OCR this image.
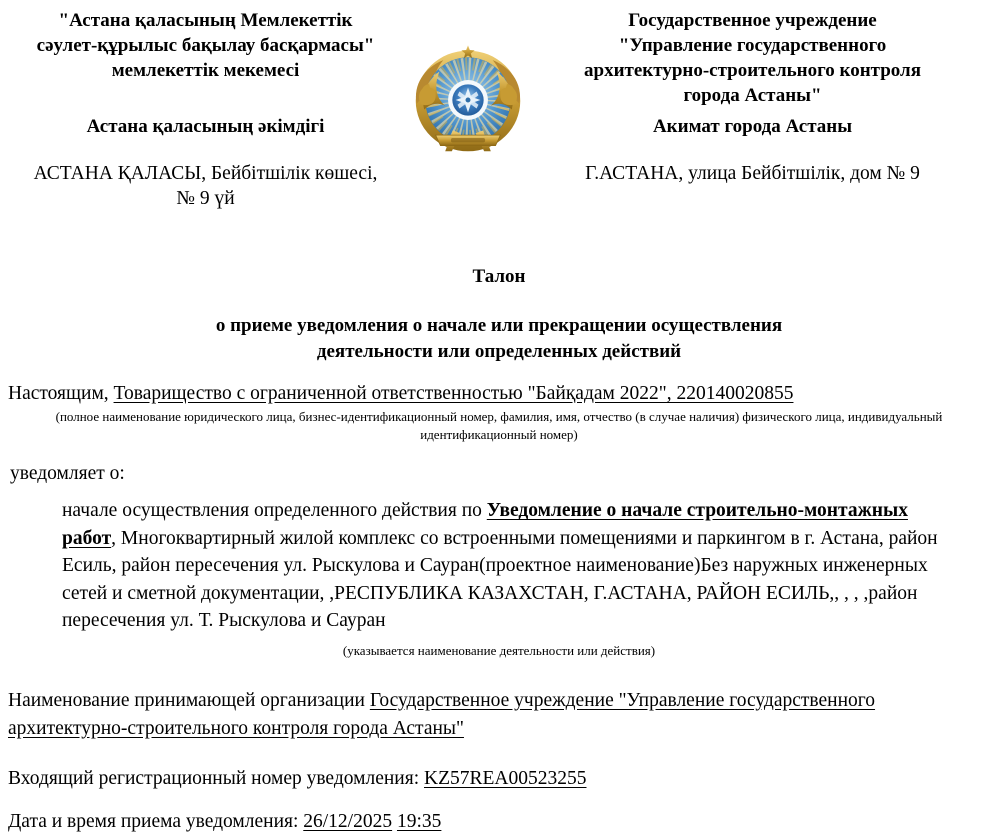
"Астана қаласының Мемлекеттік
сәулет-құрылыс бақылау басқармасы"
мемлекеттік мекемесі
Государственное учреждение
"Управление государственного
архитектурно-строительного контроля
города Астаны"
Астана қаласының әкімдігі	Акимат города Астаны
АСТАНА ҚАЛАСЫ, Бейбітшілік көшесі,
№ 9 үй
Г.АСТАНА, улица Бейбітшілік, дом № 9
Талон
о приеме уведомления о начале или прекращении осуществления
деятельности или определенных действий
Настоящим, Товарищество с ограниченной ответственностью "Байқадам 2022", 220140020855
(полное наименование юридического лица, бизнес-идентификационный номер, фамилия, имя, отчество (в случае наличия) физического лица, индивидуальный идентификационный номер)
уведомляет о:
начале осуществления определенного действия по Уведомление о начале строительно-монтажных работ, Многоквартирный жилой комплекс со встроенными помещениями и паркингом в г. Астана, район Есиль, район пересечения ул. Рыскулова и Сауран(проектное наименование)Без наружных инженерных сетей и сметной документации, ,РЕСПУБЛИКА КАЗАХСТАН, Г.АСТАНА, РАЙОН ЕСИЛЬ,, , , ,район пересечения ул. Т. Рыскулова и Сауран
(указывается наименование деятельности или действия)
Наименование принимающей организации Государственное учреждение "Управление государственного архитектурно-строительного контроля города Астаны"
Входящий регистрационный номер уведомления: KZ57REA00523255
Дата и время приема уведомления: 26/12/2025 19:35
